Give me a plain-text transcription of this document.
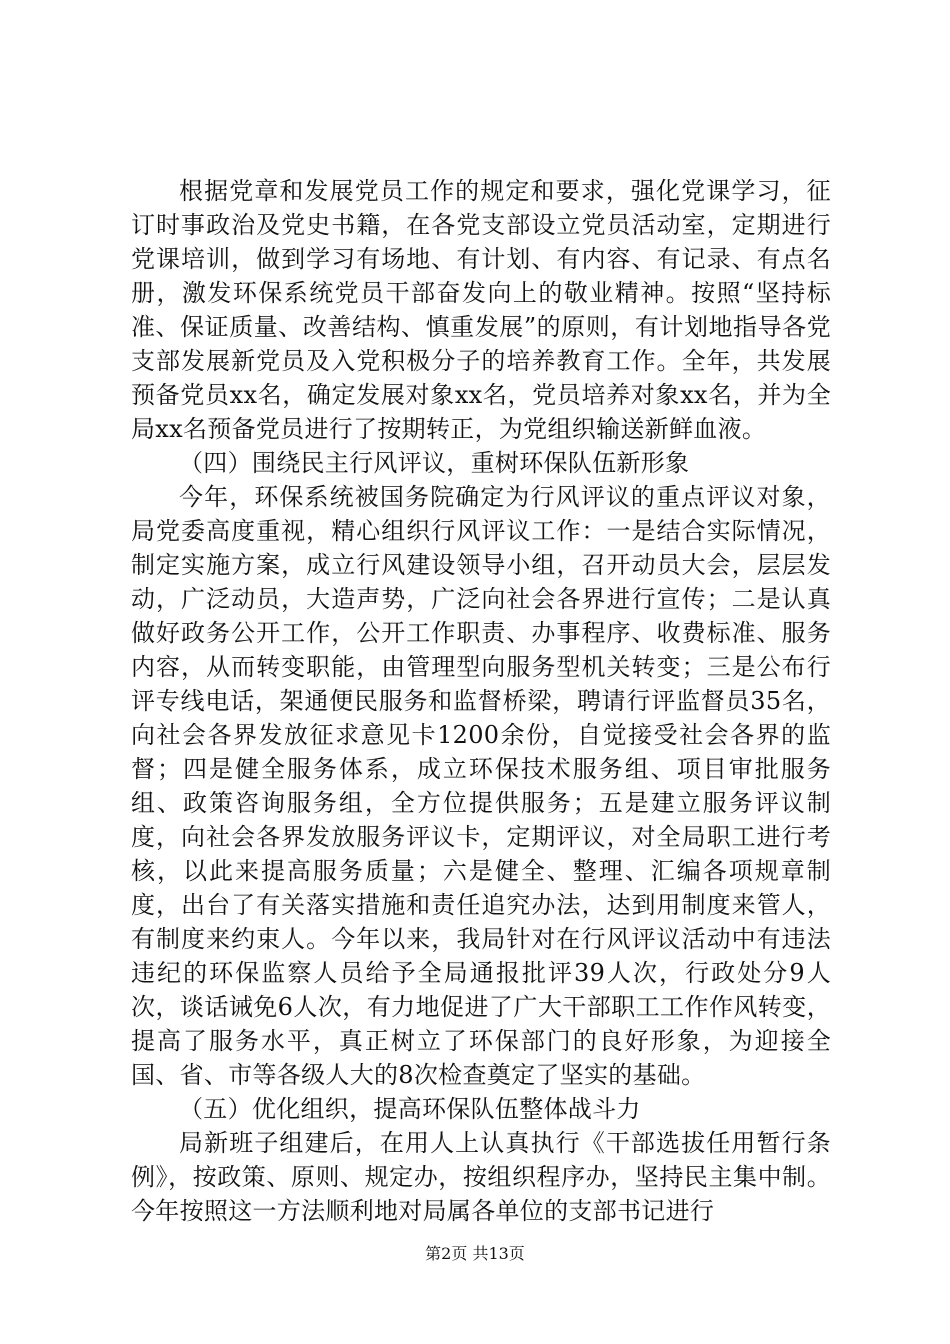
根据党章和发展党员工作的规定和要求，强化党课学习，征订时事政治及党史书籍，在各党支部设立党员活动室，定期进行党课培训，做到学习有场地、有计划、有内容、有记录、有点名册，激发环保系统党员干部奋发向上的敬业精神。按照“坚持标准、保证质量、改善结构、慎重发展”的原则，有计划地指导各党支部发展新党员及入党积极分子的培养教育工作。全年，共发展预备党员xx名，确定发展对象xx名，党员培养对象xx名，并为全局xx名预备党员进行了按期转正，为党组织输送新鲜血液。

（四）围绕民主行风评议，重树环保队伍新形象

今年，环保系统被国务院确定为行风评议的重点评议对象，局党委高度重视，精心组织行风评议工作：一是结合实际情况，制定实施方案，成立行风建设领导小组，召开动员大会，层层发动，广泛动员，大造声势，广泛向社会各界进行宣传；二是认真做好政务公开工作，公开工作职责、办事程序、收费标准、服务内容，从而转变职能，由管理型向服务型机关转变；三是公布行评专线电话，架通便民服务和监督桥梁，聘请行评监督员35名，向社会各界发放征求意见卡1200余份，自觉接受社会各界的监督；四是健全服务体系，成立环保技术服务组、项目审批服务组、政策咨询服务组，全方位提供服务；五是建立服务评议制度，向社会各界发放服务评议卡，定期评议，对全局职工进行考核，以此来提高服务质量；六是健全、整理、汇编各项规章制度，出台了有关落实措施和责任追究办法，达到用制度来管人，有制度来约束人。今年以来，我局针对在行风评议活动中有违法违纪的环保监察人员给予全局通报批评39人次，行政处分9人次，谈话诫免6人次，有力地促进了广大干部职工工作作风转变，提高了服务水平，真正树立了环保部门的良好形象，为迎接全国、省、市等各级人大的8次检查奠定了坚实的基础。

（五）优化组织，提高环保队伍整体战斗力

局新班子组建后，在用人上认真执行《干部选拔任用暂行条例》，按政策、原则、规定办，按组织程序办，坚持民主集中制。今年按照这一方法顺利地对局属各单位的支部书记进行

第2页 共13页
